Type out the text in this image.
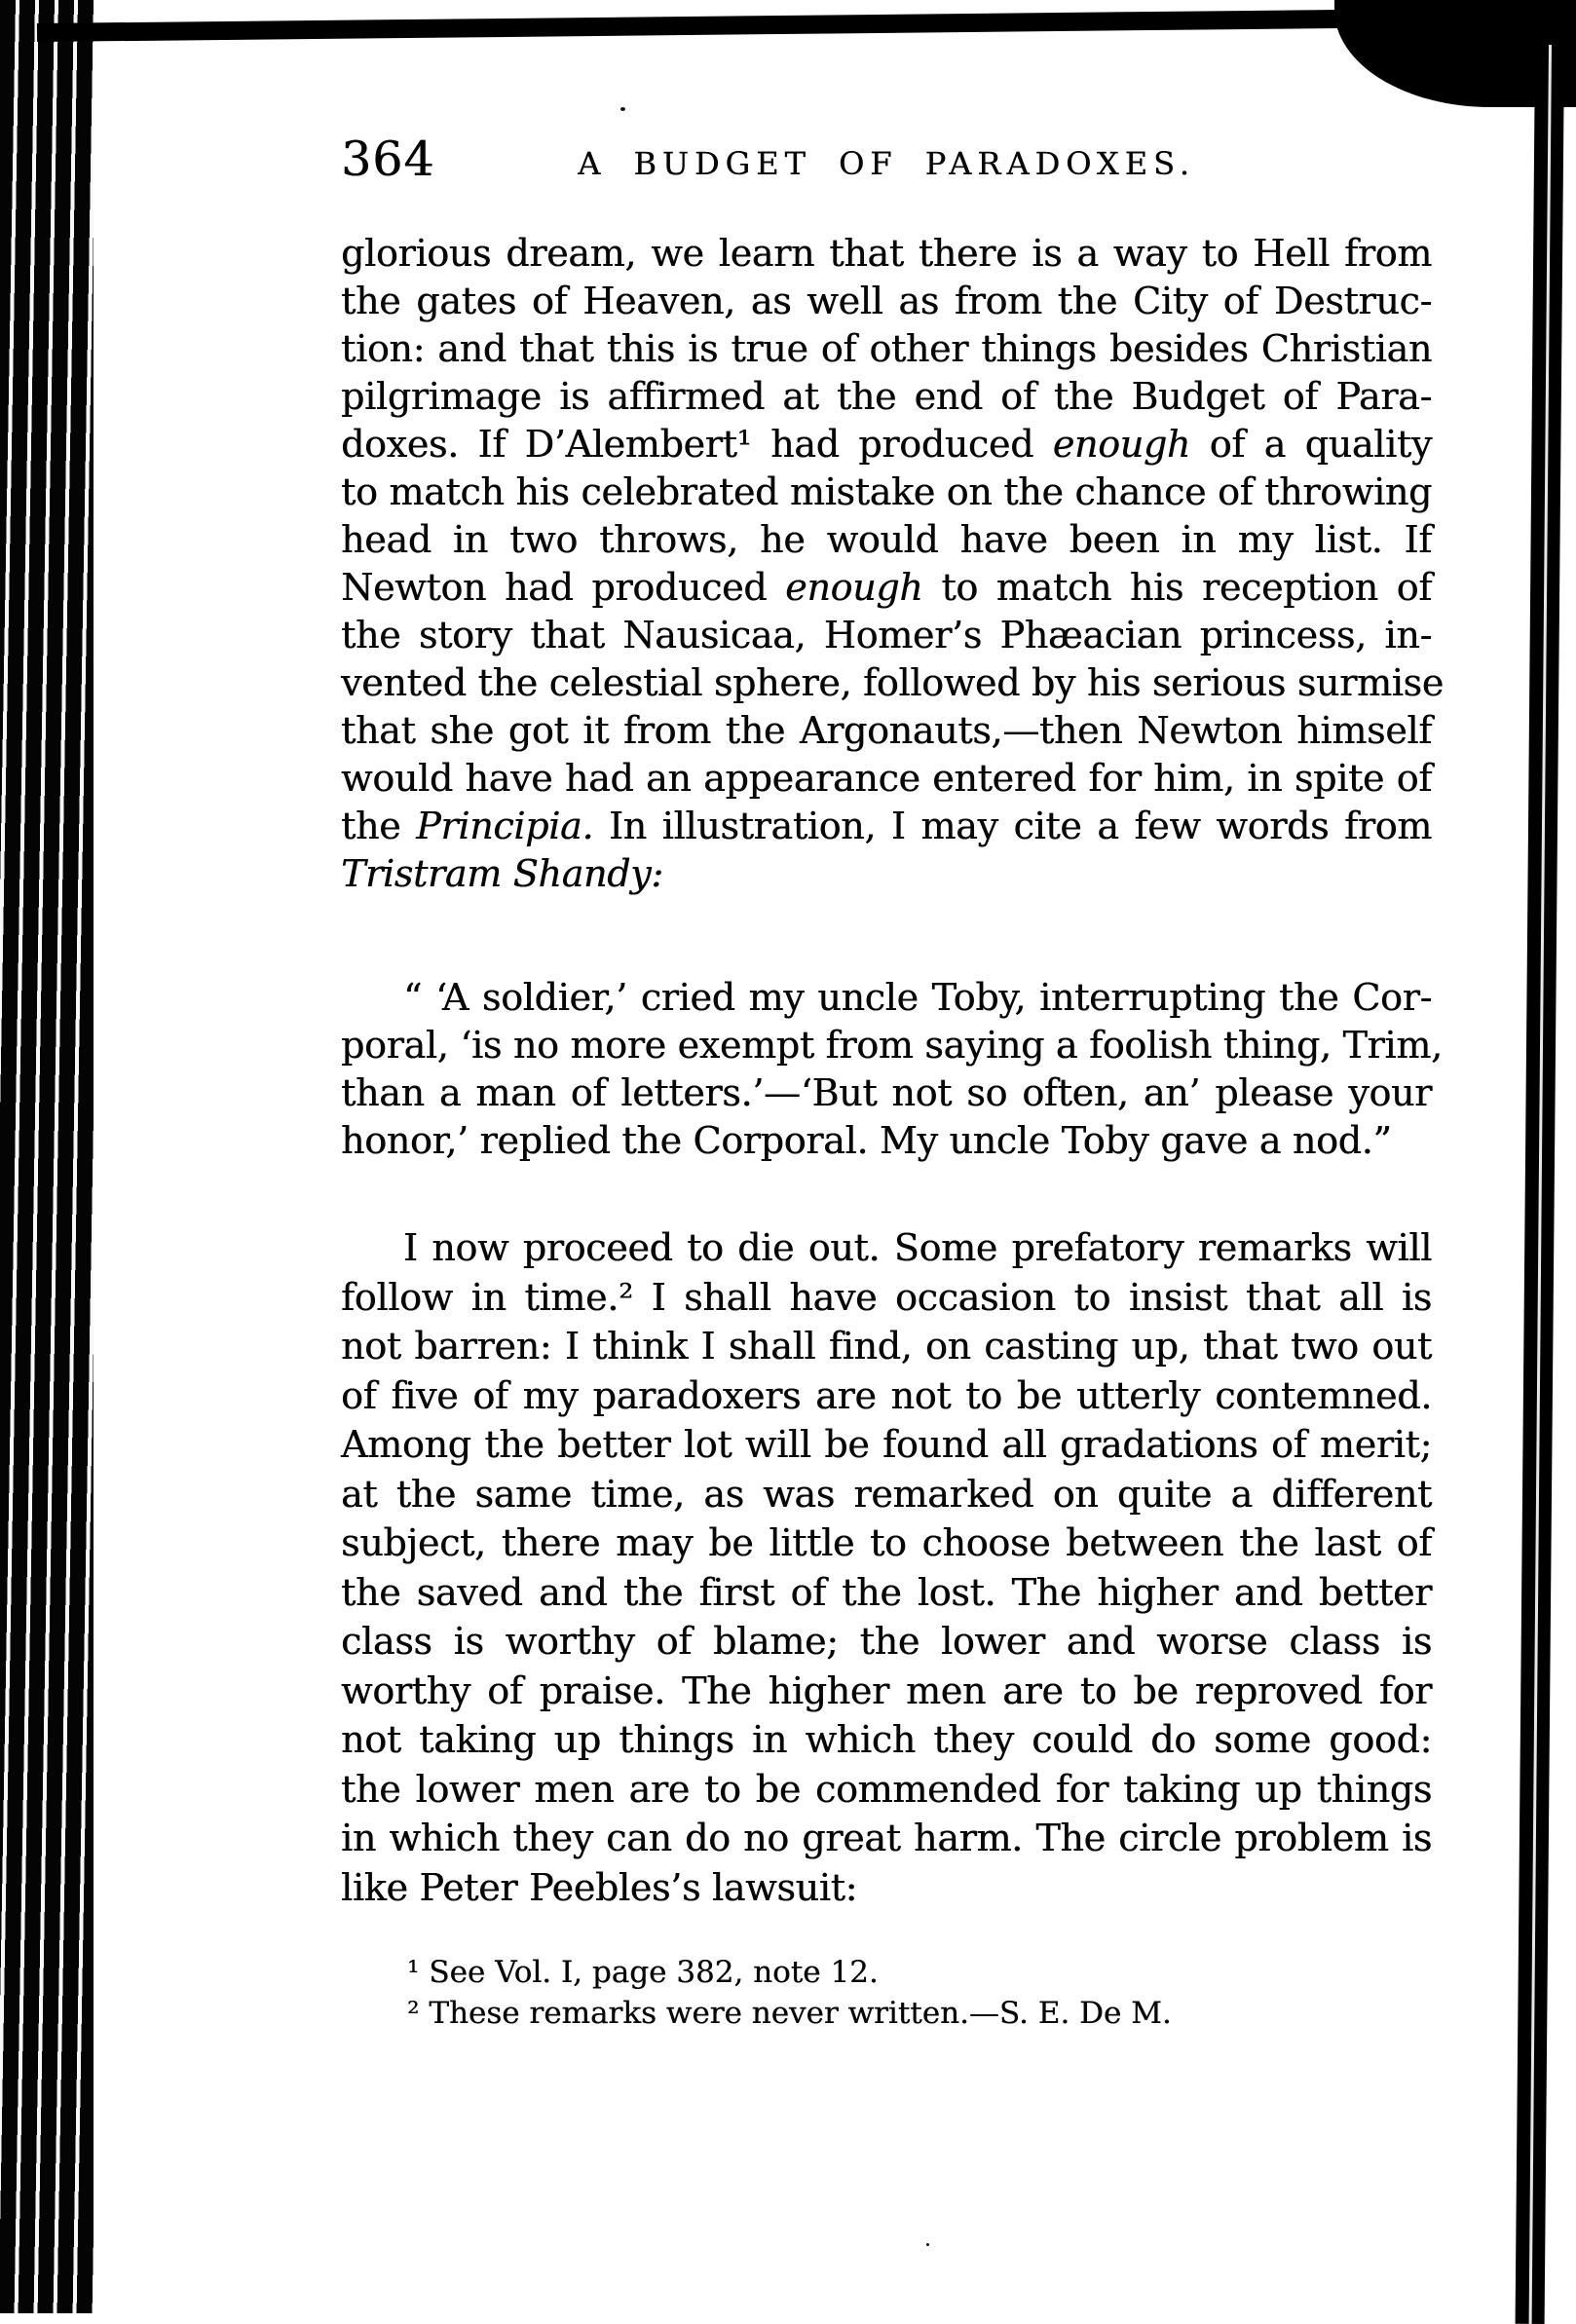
364	A BUDGET OF PARADOXES.
glorious dream, we learn that there is a way to Hell from
the gates of Heaven, as well as from the City of Destruc-
tion: and that this is true of other things besides Christian
pilgrimage is affirmed at the end of the Budget of Para-
doxes. If D’Alembert¹ had produced enough of a quality
to match his celebrated mistake on the chance of throwing
head in two throws, he would have been in my list. If
Newton had produced enough to match his reception of
the story that Nausicaa, Homer’s Phæacian princess, in-
vented the celestial sphere, followed by his serious surmise
that she got it from the Argonauts,—then Newton himself
would have had an appearance entered for him, in spite of
the Principia. In illustration, I may cite a few words from
Tristram Shandy:
“ ‘A soldier,’ cried my uncle Toby, interrupting the Cor-
poral, ‘is no more exempt from saying a foolish thing, Trim,
than a man of letters.’—‘But not so often, an’ please your
honor,’ replied the Corporal. My uncle Toby gave a nod.”
I now proceed to die out. Some prefatory remarks will
follow in time.² I shall have occasion to insist that all is
not barren: I think I shall find, on casting up, that two out
of five of my paradoxers are not to be utterly contemned.
Among the better lot will be found all gradations of merit;
at the same time, as was remarked on quite a different
subject, there may be little to choose between the last of
the saved and the first of the lost. The higher and better
class is worthy of blame; the lower and worse class is
worthy of praise. The higher men are to be reproved for
not taking up things in which they could do some good:
the lower men are to be commended for taking up things
in which they can do no great harm. The circle problem is
like Peter Peebles’s lawsuit:
¹ See Vol. I, page 382, note 12.
² These remarks were never written.—S. E. De M.
